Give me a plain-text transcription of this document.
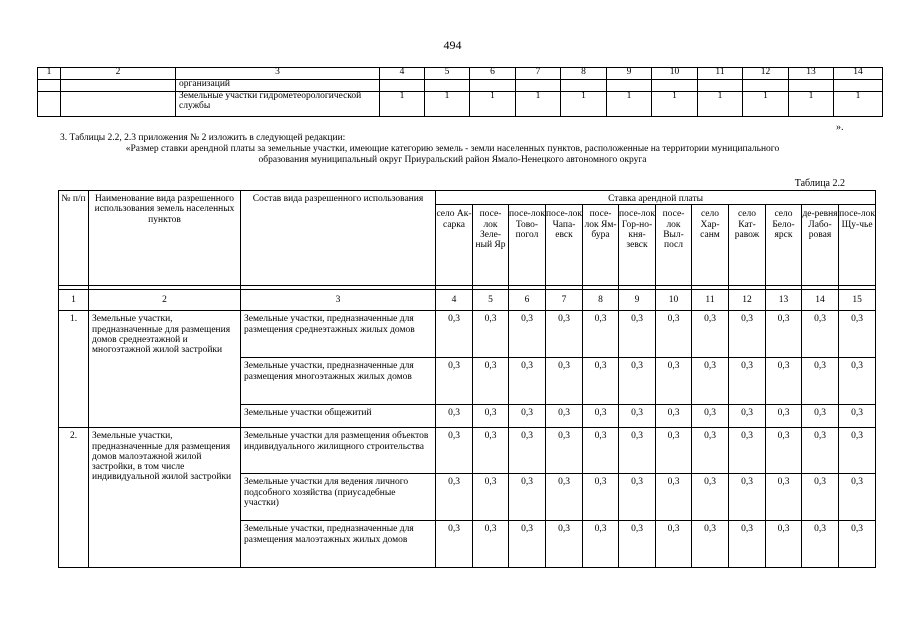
494
1	2	3	4	5	6	7	8	9	10	11	12	13	14
		организаций											
		Земельные участки гидрометеорологической службы	1	1	1	1	1	1	1	1	1	1	1
».
3. Таблицы 2.2, 2.3 приложения № 2 изложить в следующей редакции:
«Размер ставки арендной платы за земельные участки, имеющие категорию земель - земли населенных пунктов, расположенные на территории муниципального
образования муниципальный округ Приуральский район Ямало-Ненецкого автономного округа
Таблица 2.2
№ п/п	Наименование вида разрешенного использования земель населенных пунктов	Состав вида разрешенного использования	Ставка арендной платы											
			село Ак-сарка	посе-лок Зеле-ный Яр	посе-лок Тово-погол	посе-лок Чапа-евск	посе-лок Ям-бура	посе-лок Гор-но-кня-зевск	посе-лок Выл-посл	село Хар-санм	село Кат-равож	село Бело-ярск	де-ревня Лабо-ровая	посе-лок Щу-чье

1	2	3	4	5	6	7	8	9	10	11	12	13	14	15
1.	Земельные участки, предназначенные для размещения домов среднеэтажной и многоэтажной жилой застройки	Земельные участки, предназначенные для размещения среднеэтажных жилых домов	0,3	0,3	0,3	0,3	0,3	0,3	0,3	0,3	0,3	0,3	0,3	0,3
		Земельные участки, предназначенные для размещения многоэтажных жилых домов	0,3	0,3	0,3	0,3	0,3	0,3	0,3	0,3	0,3	0,3	0,3	0,3
		Земельные участки общежитий	0,3	0,3	0,3	0,3	0,3	0,3	0,3	0,3	0,3	0,3	0,3	0,3
2.	Земельные участки, предназначенные для размещения домов малоэтажной жилой застройки, в том числе индивидуальной жилой застройки	Земельные участки для размещения объектов индивидуального жилищного строительства	0,3	0,3	0,3	0,3	0,3	0,3	0,3	0,3	0,3	0,3	0,3	0,3
		Земельные участки для ведения личного подсобного хозяйства (приусадебные участки)	0,3	0,3	0,3	0,3	0,3	0,3	0,3	0,3	0,3	0,3	0,3	0,3
		Земельные участки, предназначенные для размещения малоэтажных жилых домов	0,3	0,3	0,3	0,3	0,3	0,3	0,3	0,3	0,3	0,3	0,3	0,3
